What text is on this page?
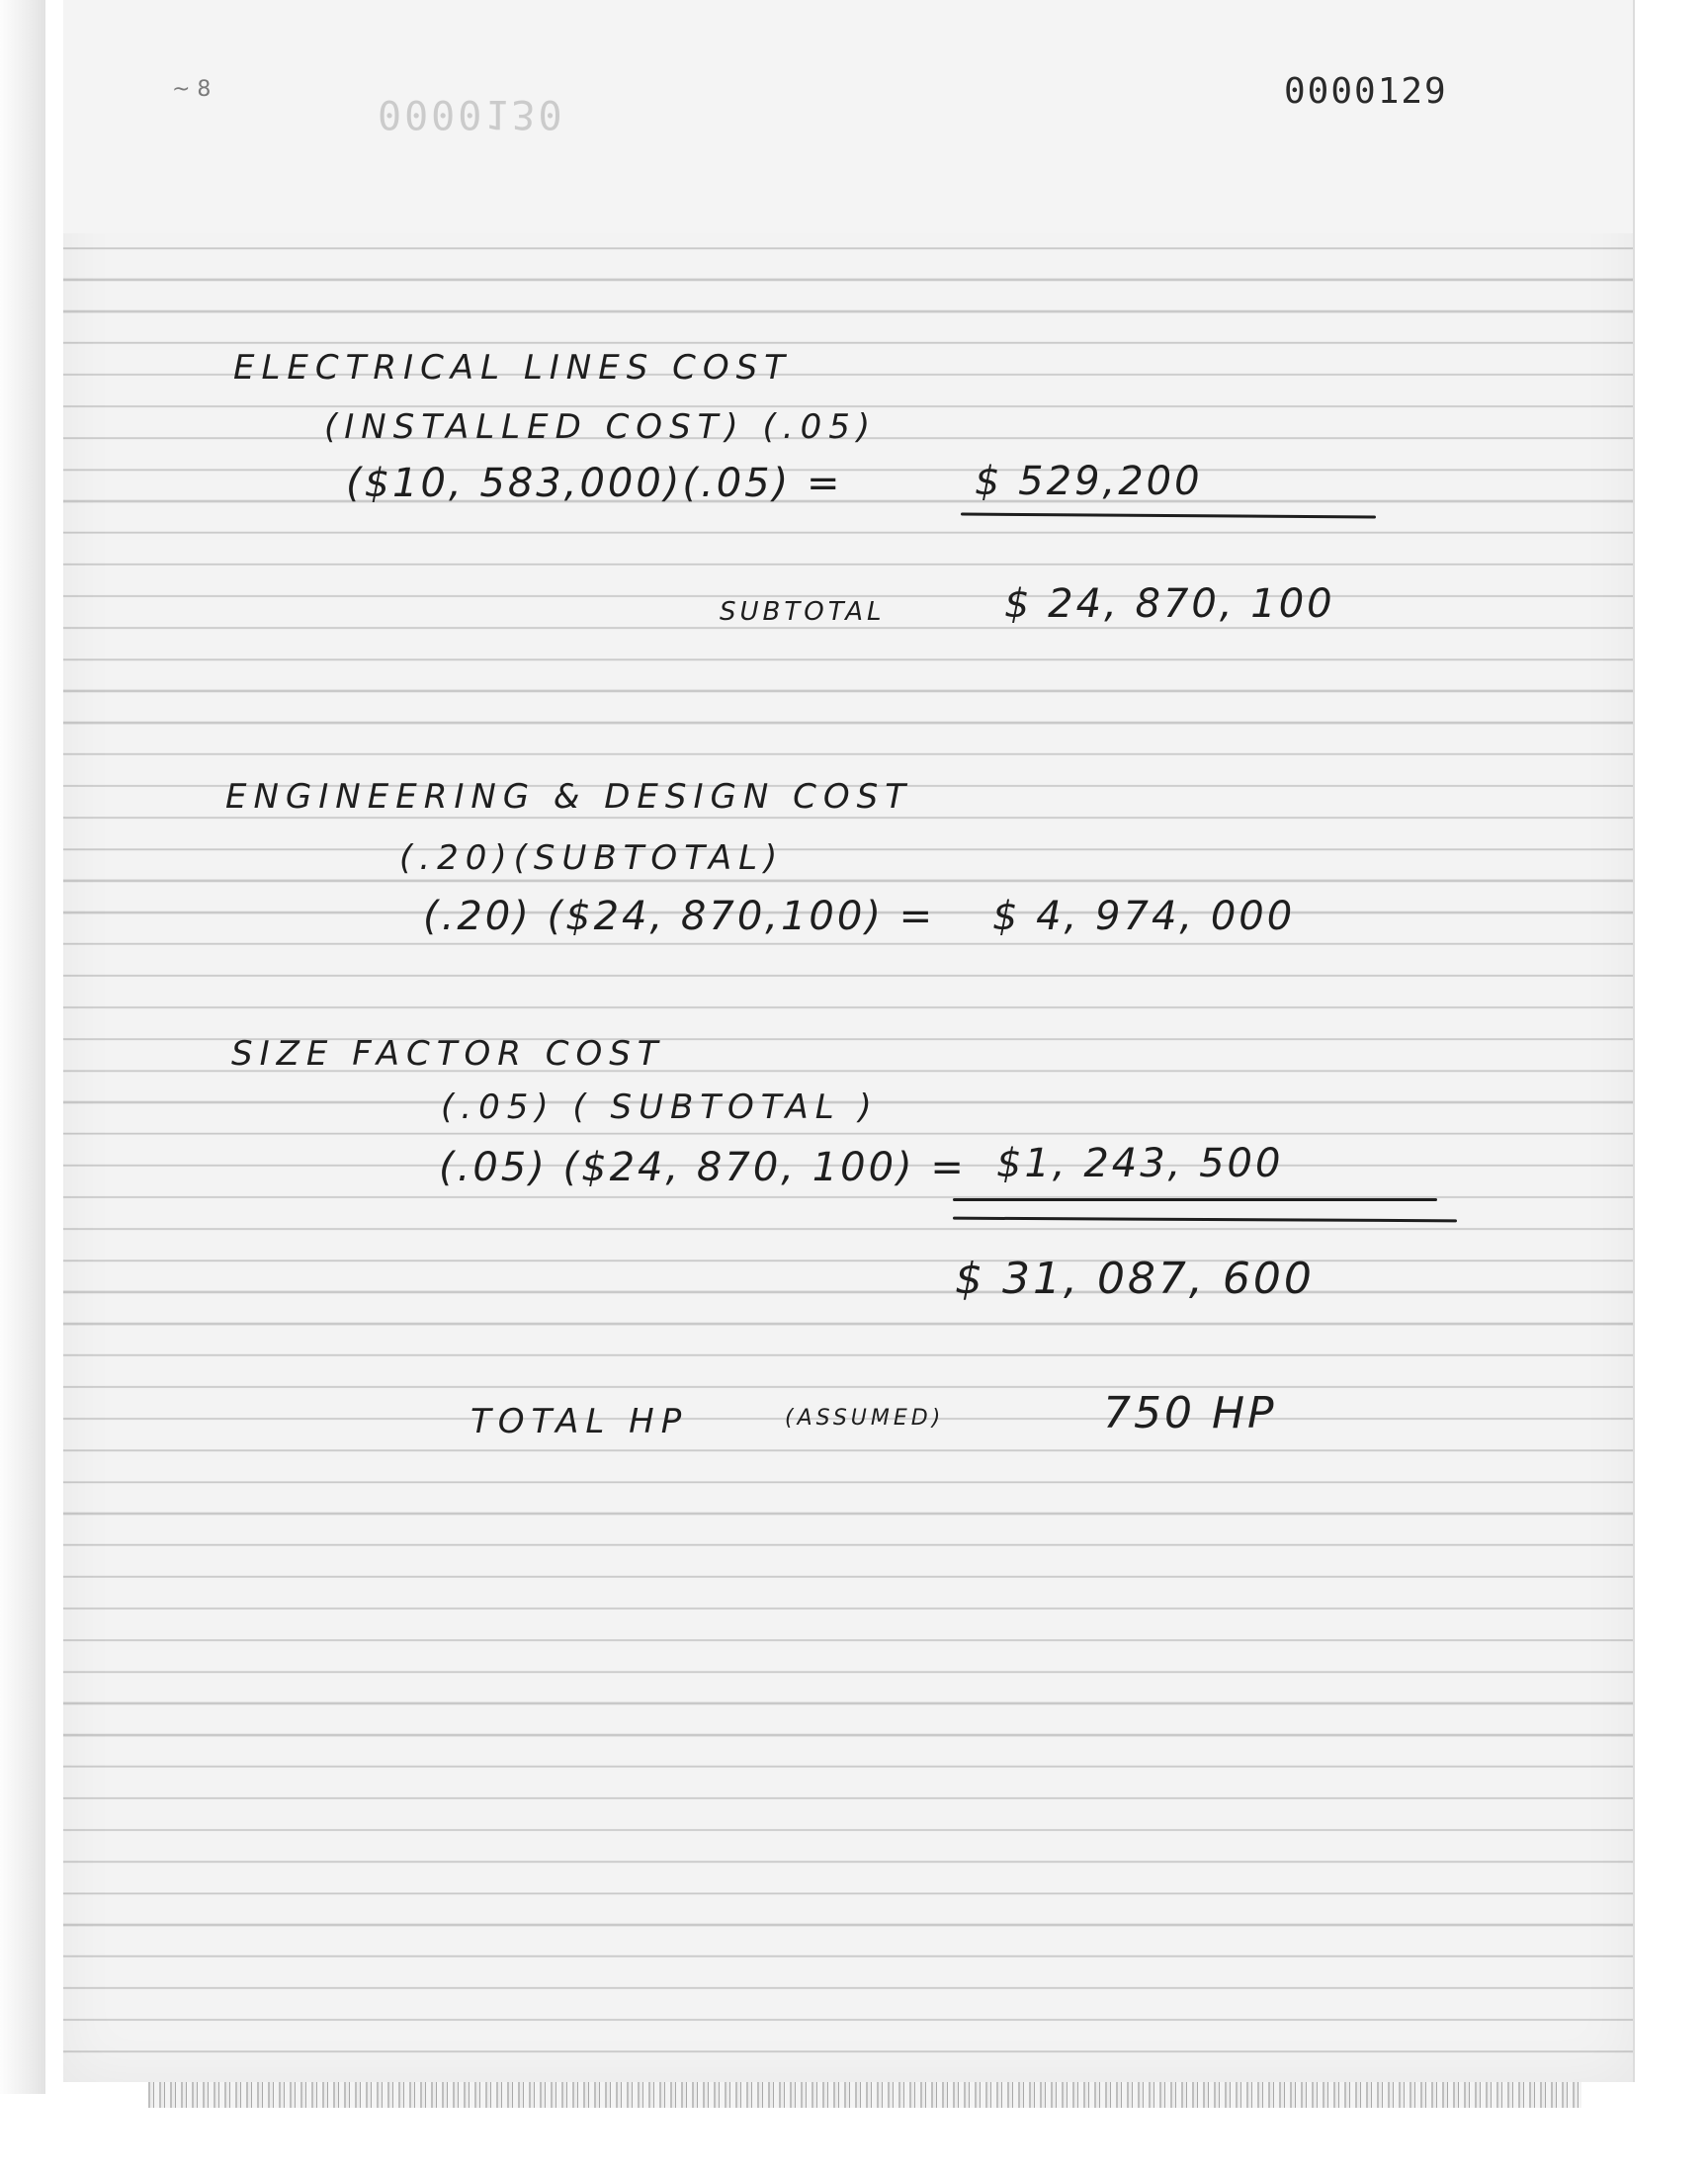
~ 8
0000130	0000129
ELECTRICAL LINES COST
(INSTALLED COST) (.05)
($10, 583,000)(.05) =	$ 529,200
SUBTOTAL	$ 24, 870, 100
ENGINEERING & DESIGN COST
(.20)(SUBTOTAL)
(.20) ($24, 870,100) = $ 4, 974, 000
SIZE FACTOR COST
(.05) ( SUBTOTAL )
(.05) ($24, 870, 100) = $1, 243, 500
$ 31, 087, 600
TOTAL HP	(ASSUMED)	750 HP
